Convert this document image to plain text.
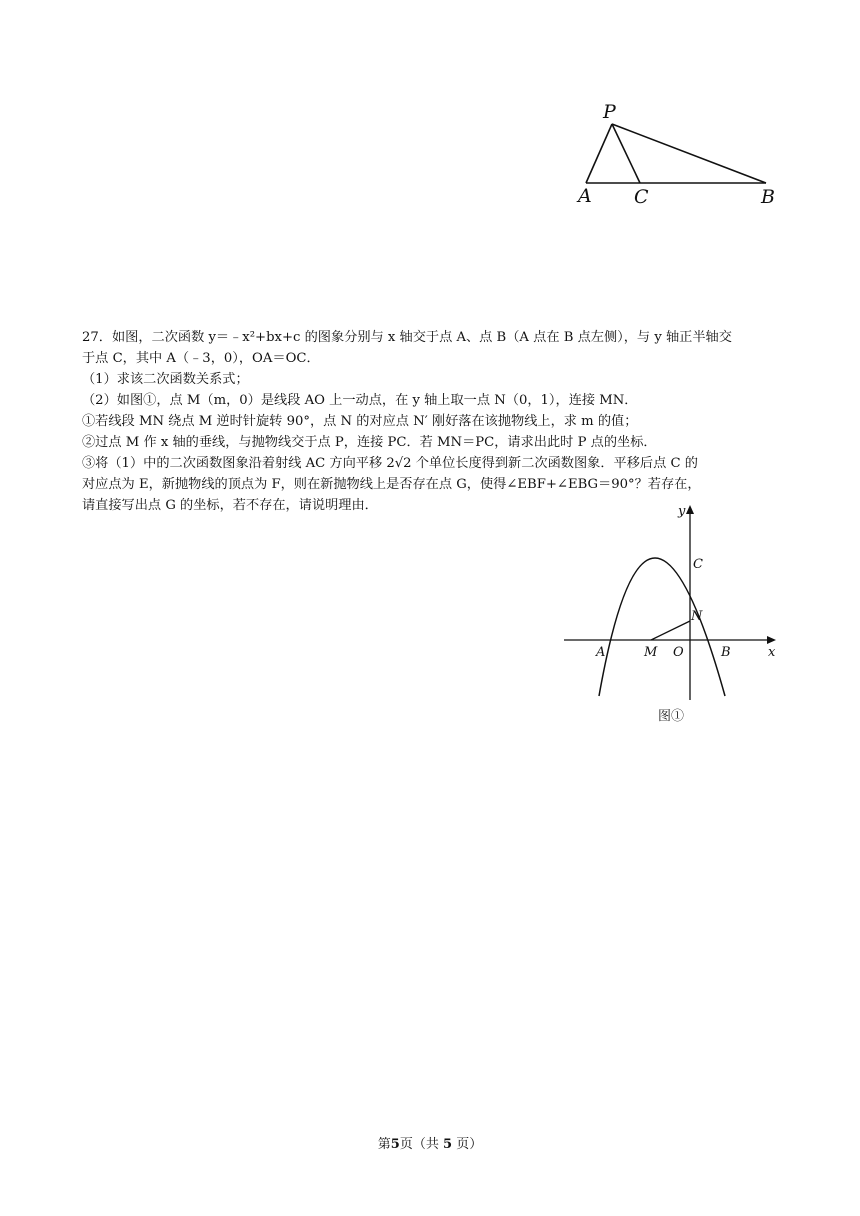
P
A C	B

27．如图，二次函数 y＝﹣x²+bx+c 的图象分别与 x 轴交于点 A、点 B（A 点在 B 点左侧），与 y 轴正半轴交

于点 C，其中 A（﹣3，0），OA＝OC．

（1）求该二次函数关系式；

（2）如图①，点 M（m，0）是线段 AO 上一动点，在 y 轴上取一点 N（0，1），连接 MN．

①若线段 MN 绕点 M 逆时针旋转 90°，点 N 的对应点 N′ 刚好落在该抛物线上，求 m 的值；

②过点 M 作 x 轴的垂线，与抛物线交于点 P，连接 PC．若 MN＝PC，请求出此时 P 点的坐标．

③将（1）中的二次函数图象沿着射线 AC 方向平移 2√2 个单位长度得到新二次函数图象．平移后点 C 的

对应点为 E，新抛物线的顶点为 F，则在新抛物线上是否存在点 G，使得∠EBF+∠EBG＝90°？若存在，

请直接写出点 G 的坐标，若不存在，请说明理由．	y
x
C
N
A	M O	B
图①
第5页（共 5 页）
